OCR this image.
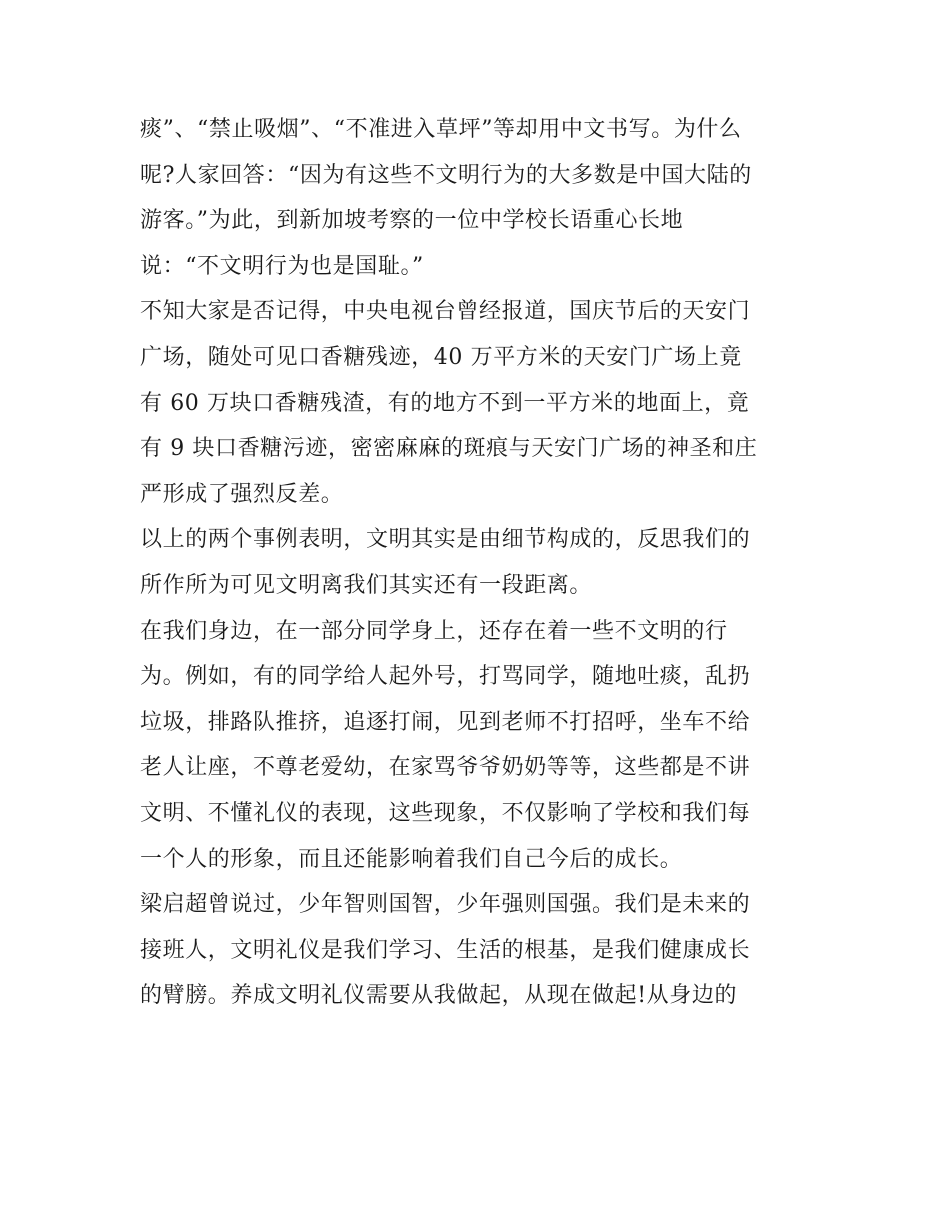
痰”、“禁止吸烟”、“不准进入草坪”等却用中文书写。为什么
呢?人家回答：“因为有这些不文明行为的大多数是中国大陆的
游客。”为此，到新加坡考察的一位中学校长语重心长地
说：“不文明行为也是国耻。”
不知大家是否记得，中央电视台曾经报道，国庆节后的天安门
广场，随处可见口香糖残迹，40 万平方米的天安门广场上竟
有 60 万块口香糖残渣，有的地方不到一平方米的地面上，竟
有 9 块口香糖污迹，密密麻麻的斑痕与天安门广场的神圣和庄
严形成了强烈反差。
以上的两个事例表明，文明其实是由细节构成的，反思我们的
所作所为可见文明离我们其实还有一段距离。
在我们身边，在一部分同学身上，还存在着一些不文明的行
为。例如，有的同学给人起外号，打骂同学，随地吐痰，乱扔
垃圾，排路队推挤，追逐打闹，见到老师不打招呼，坐车不给
老人让座，不尊老爱幼，在家骂爷爷奶奶等等，这些都是不讲
文明、不懂礼仪的表现，这些现象，不仅影响了学校和我们每
一个人的形象，而且还能影响着我们自己今后的成长。
梁启超曾说过，少年智则国智，少年强则国强。我们是未来的
接班人，文明礼仪是我们学习、生活的根基，是我们健康成长
的臂膀。养成文明礼仪需要从我做起，从现在做起!从身边的
